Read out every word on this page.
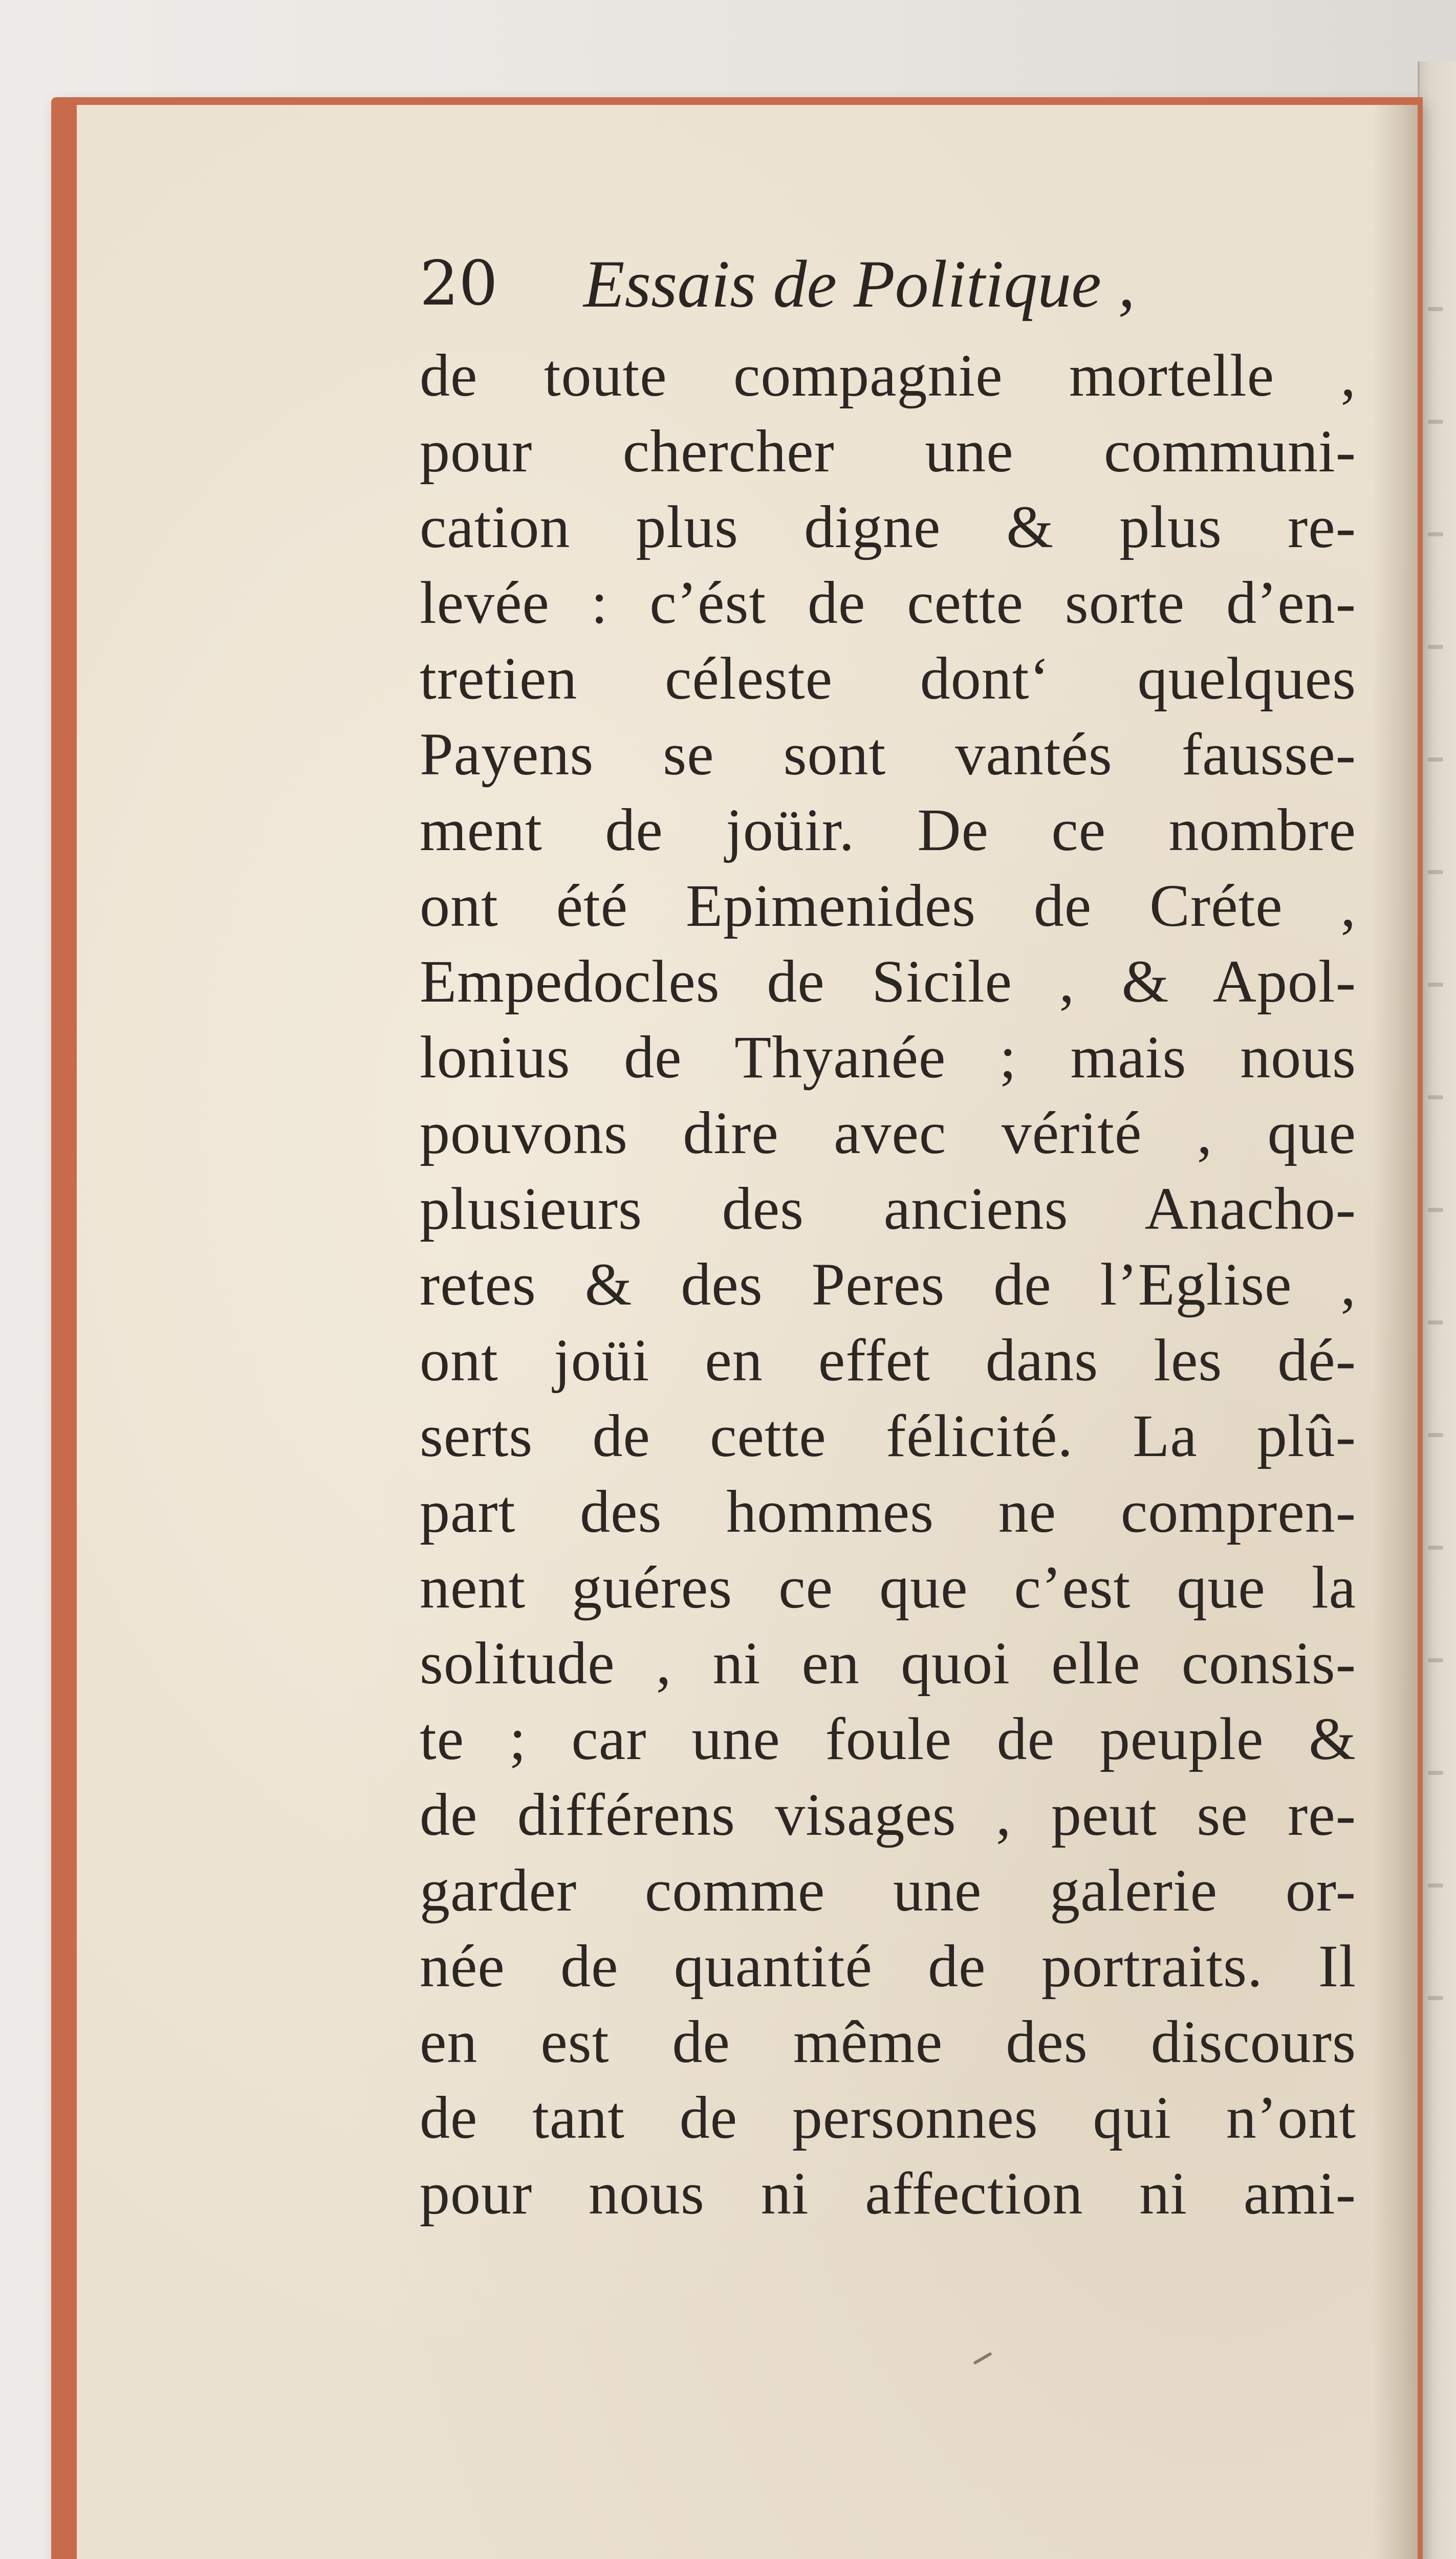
20 Essais de Politique ,
de toute compagnie mortelle ,
pour chercher une communi-
cation plus digne & plus re-
levée : c’ést de cette sorte d’en-
tretien céleste dont‘ quelques
Payens se sont vantés fausse-
ment de joüir. De ce nombre
ont été Epimenides de Créte ,
Empedocles de Sicile , & Apol-
lonius de Thyanée ; mais nous
pouvons dire avec vérité , que
plusieurs des anciens Anacho-
retes & des Peres de l’Eglise ,
ont joüi en effet dans les dé-
serts de cette félicité. La plû-
part des hommes ne compren-
nent guéres ce que c’est que la
solitude , ni en quoi elle consis-
te ; car une foule de peuple &
de différens visages , peut se re-
garder comme une galerie or-
née de quantité de portraits. Il
en est de même des discours
de tant de personnes qui n’ont
pour nous ni affection ni ami-
